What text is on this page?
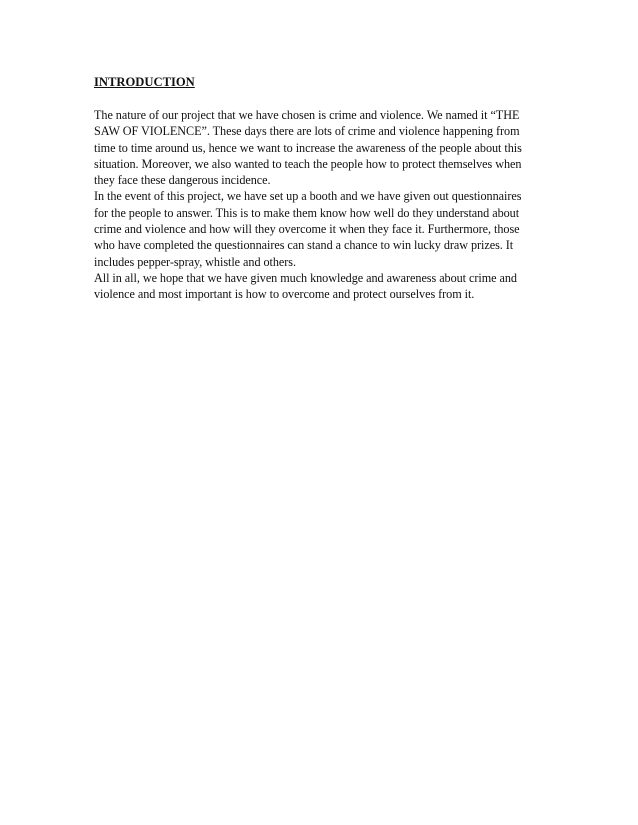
INTRODUCTION

The nature of our project that we have chosen is crime and violence. We named it “THE
SAW OF VIOLENCE”. These days there are lots of crime and violence happening from
time to time around us, hence we want to increase the awareness of the people about this
situation. Moreover, we also wanted to teach the people how to protect themselves when
they face these dangerous incidence.

In the event of this project, we have set up a booth and we have given out questionnaires
for the people to answer. This is to make them know how well do they understand about
crime and violence and how will they overcome it when they face it. Furthermore, those
who have completed the questionnaires can stand a chance to win lucky draw prizes. It
includes pepper-spray, whistle and others.

All in all, we hope that we have given much knowledge and awareness about crime and
violence and most important is how to overcome and protect ourselves from it.
